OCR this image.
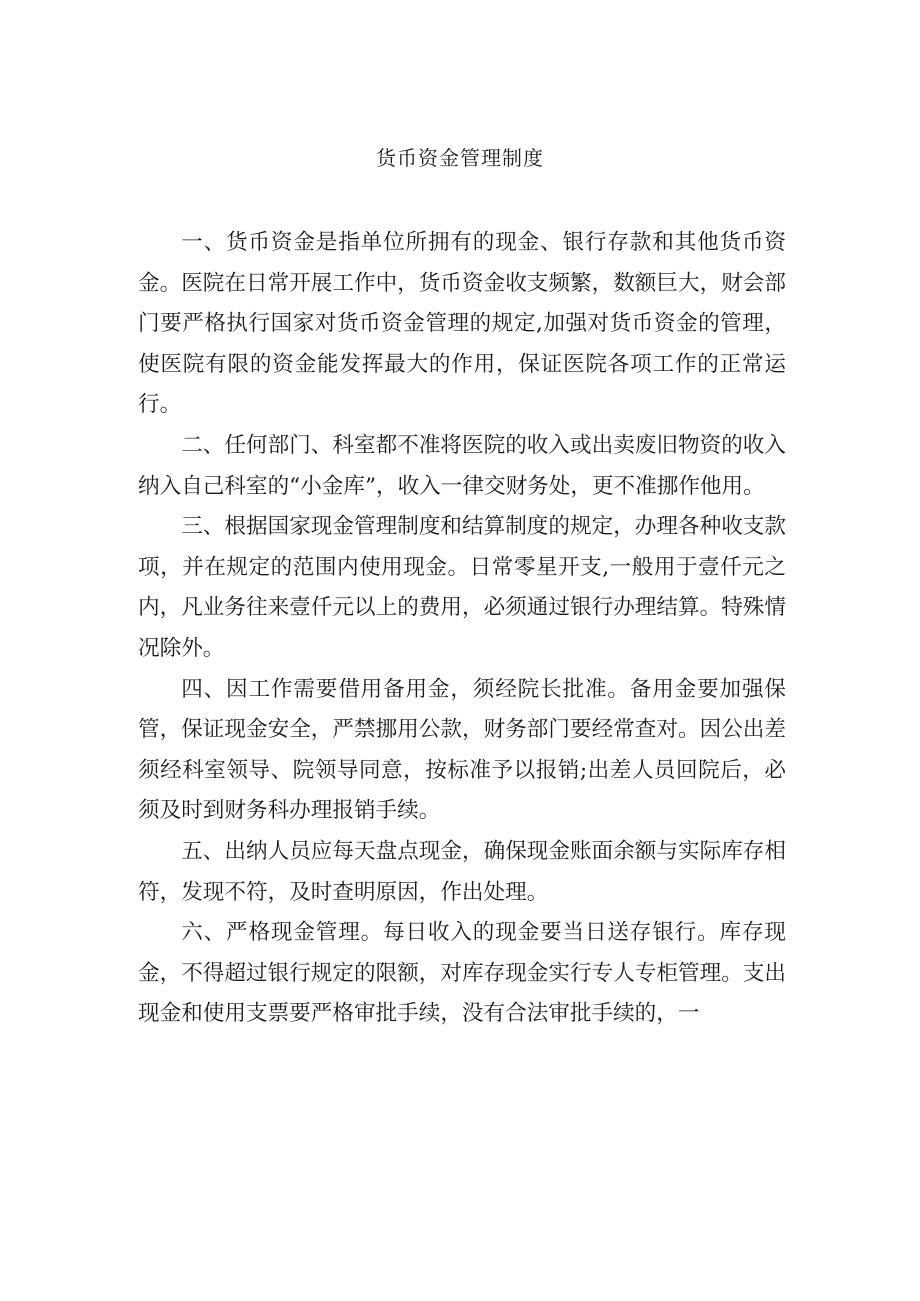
货币资金管理制度

一、货币资金是指单位所拥有的现金、银行存款和其他货币资金。医院在日常开展工作中，货币资金收支频繁，数额巨大，财会部门要严格执行国家对货币资金管理的规定,加强对货币资金的管理，使医院有限的资金能发挥最大的作用，保证医院各项工作的正常运行。

二、任何部门、科室都不准将医院的收入或出卖废旧物资的收入纳入自己科室的“小金库”，收入一律交财务处，更不准挪作他用。

三、根据国家现金管理制度和结算制度的规定，办理各种收支款项，并在规定的范围内使用现金。日常零星开支,一般用于壹仟元之内，凡业务往来壹仟元以上的费用，必须通过银行办理结算。特殊情况除外。

四、因工作需要借用备用金，须经院长批准。备用金要加强保管，保证现金安全，严禁挪用公款，财务部门要经常查对。因公出差须经科室领导、院领导同意，按标准予以报销;出差人员回院后，必须及时到财务科办理报销手续。

五、出纳人员应每天盘点现金，确保现金账面余额与实际库存相符，发现不符，及时查明原因，作出处理。

六、严格现金管理。每日收入的现金要当日送存银行。库存现金，不得超过银行规定的限额，对库存现金实行专人专柜管理。支出现金和使用支票要严格审批手续，没有合法审批手续的，一
